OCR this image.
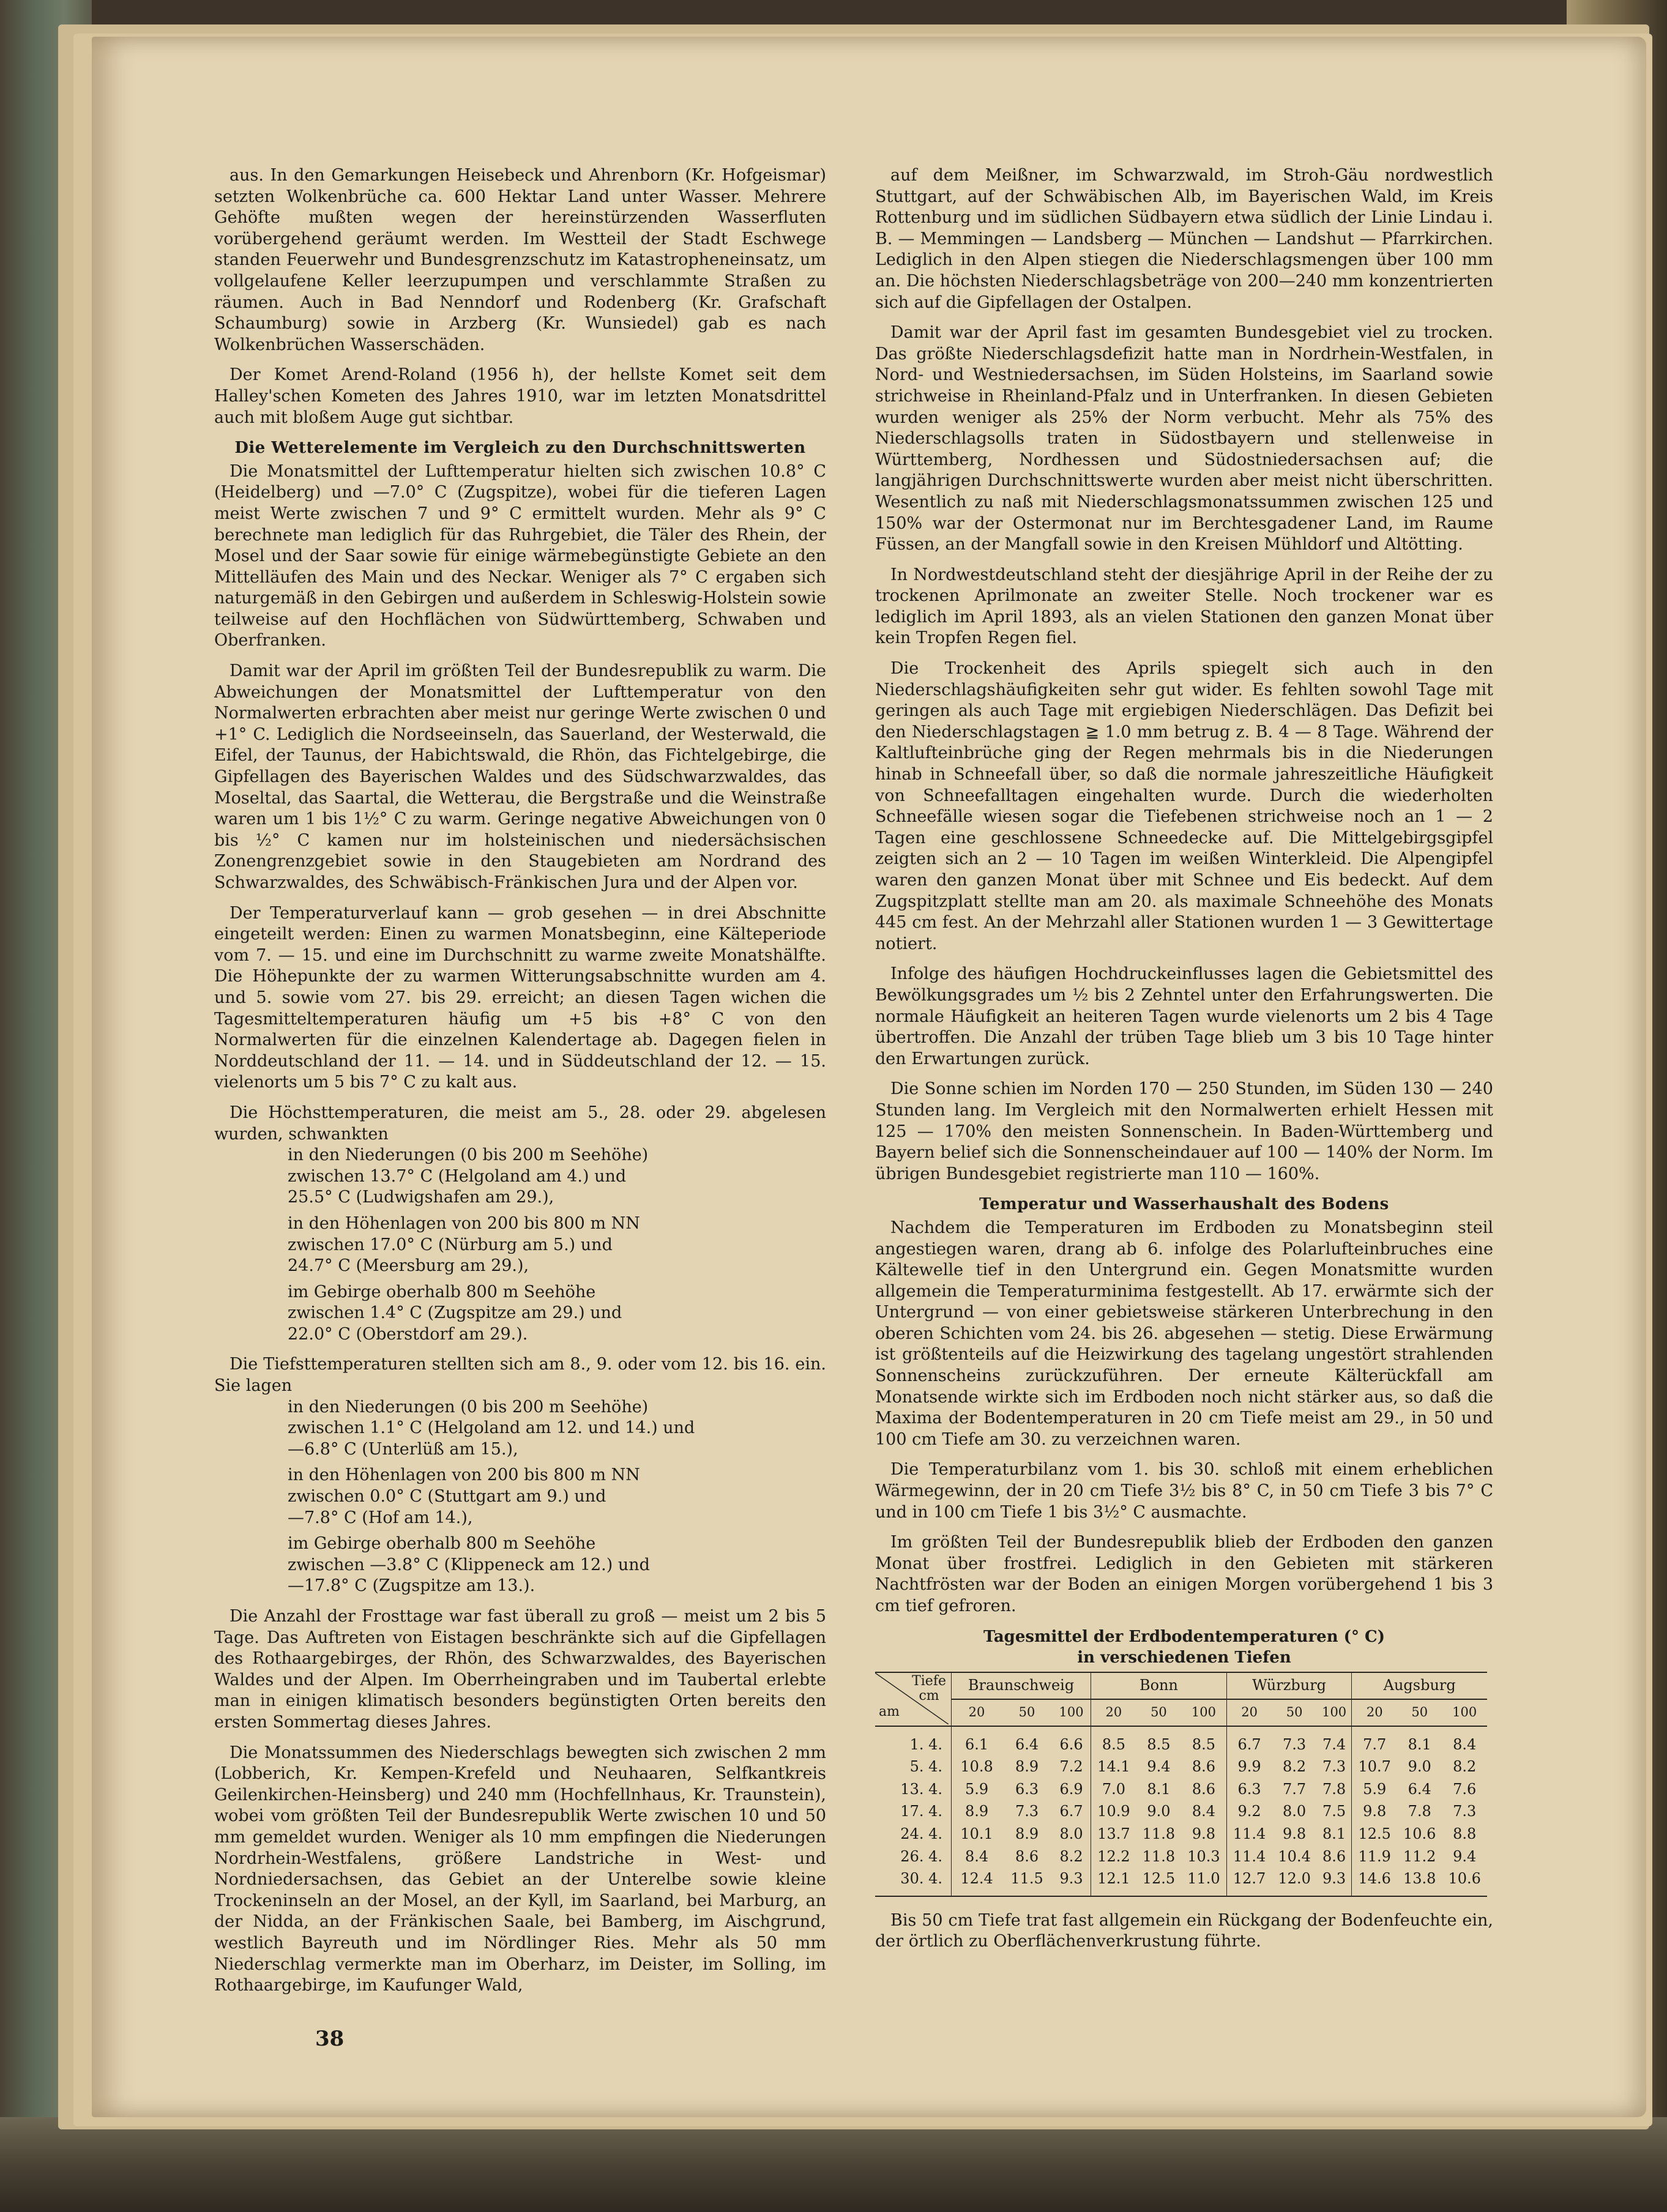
aus. In den Gemarkungen Heisebeck und Ahrenborn (Kr. Hofgeismar) setzten Wolkenbrüche ca. 600 Hektar Land unter Wasser. Mehrere Gehöfte mußten wegen der hereinstürzenden Wasserfluten vorübergehend geräumt werden. Im Westteil der Stadt Eschwege standen Feuerwehr und Bundesgrenzschutz im Katastropheneinsatz, um vollgelaufene Keller leerzupumpen und verschlammte Straßen zu räumen. Auch in Bad Nenndorf und Rodenberg (Kr. Grafschaft Schaumburg) sowie in Arzberg (Kr. Wunsiedel) gab es nach Wolkenbrüchen Wasserschäden.

Der Komet Arend-Roland (1956 h), der hellste Komet seit dem Halley'schen Kometen des Jahres 1910, war im letzten Monatsdrittel auch mit bloßem Auge gut sichtbar.

Die Wetterelemente im Vergleich zu den Durchschnittswerten

Die Monatsmittel der Lufttemperatur hielten sich zwischen 10.8° C (Heidelberg) und —7.0° C (Zugspitze), wobei für die tieferen Lagen meist Werte zwischen 7 und 9° C ermittelt wurden. Mehr als 9° C berechnete man lediglich für das Ruhrgebiet, die Täler des Rhein, der Mosel und der Saar sowie für einige wärmebegünstigte Gebiete an den Mittelläufen des Main und des Neckar. Weniger als 7° C ergaben sich naturgemäß in den Gebirgen und außerdem in Schleswig-Holstein sowie teilweise auf den Hochflächen von Südwürttemberg, Schwaben und Oberfranken.

Damit war der April im größten Teil der Bundesrepublik zu warm. Die Abweichungen der Monatsmittel der Lufttemperatur von den Normalwerten erbrachten aber meist nur geringe Werte zwischen 0 und +1° C. Lediglich die Nordseeinseln, das Sauerland, der Westerwald, die Eifel, der Taunus, der Habichtswald, die Rhön, das Fichtelgebirge, die Gipfellagen des Bayerischen Waldes und des Südschwarzwaldes, das Moseltal, das Saartal, die Wetterau, die Bergstraße und die Weinstraße waren um 1 bis 1½° C zu warm. Geringe negative Abweichungen von 0 bis ½° C kamen nur im holsteinischen und niedersächsischen Zonengrenzgebiet sowie in den Staugebieten am Nordrand des Schwarzwaldes, des Schwäbisch-Fränkischen Jura und der Alpen vor.

Der Temperaturverlauf kann — grob gesehen — in drei Abschnitte eingeteilt werden: Einen zu warmen Monatsbeginn, eine Kälteperiode vom 7. — 15. und eine im Durchschnitt zu warme zweite Monatshälfte. Die Höhepunkte der zu warmen Witterungsabschnitte wurden am 4. und 5. sowie vom 27. bis 29. erreicht; an diesen Tagen wichen die Tagesmitteltemperaturen häufig um +5 bis +8° C von den Normalwerten für die einzelnen Kalendertage ab. Dagegen fielen in Norddeutschland der 11. — 14. und in Süddeutschland der 12. — 15. vielenorts um 5 bis 7° C zu kalt aus.

Die Höchsttemperaturen, die meist am 5., 28. oder 29. abgelesen wurden, schwankten

in den Niederungen (0 bis 200 m Seehöhe)

zwischen 13.7° C (Helgoland am 4.) und

25.5° C (Ludwigshafen am 29.),

in den Höhenlagen von 200 bis 800 m NN

zwischen 17.0° C (Nürburg am 5.) und

24.7° C (Meersburg am 29.),

im Gebirge oberhalb 800 m Seehöhe

zwischen 1.4° C (Zugspitze am 29.) und

22.0° C (Oberstdorf am 29.).

Die Tiefsttemperaturen stellten sich am 8., 9. oder vom 12. bis 16. ein. Sie lagen

in den Niederungen (0 bis 200 m Seehöhe)

zwischen 1.1° C (Helgoland am 12. und 14.) und

—6.8° C (Unterlüß am 15.),

in den Höhenlagen von 200 bis 800 m NN

zwischen 0.0° C (Stuttgart am 9.) und

—7.8° C (Hof am 14.),

im Gebirge oberhalb 800 m Seehöhe

zwischen —3.8° C (Klippeneck am 12.) und

—17.8° C (Zugspitze am 13.).

Die Anzahl der Frosttage war fast überall zu groß — meist um 2 bis 5 Tage. Das Auftreten von Eistagen beschränkte sich auf die Gipfellagen des Rothaargebirges, der Rhön, des Schwarzwaldes, des Bayerischen Waldes und der Alpen. Im Oberrheingraben und im Taubertal erlebte man in einigen klimatisch besonders begünstigten Orten bereits den ersten Sommertag dieses Jahres.

Die Monatssummen des Niederschlags bewegten sich zwischen 2 mm (Lobberich, Kr. Kempen-Krefeld und Neuhaaren, Selfkantkreis Geilenkirchen-Heinsberg) und 240 mm (Hochfellnhaus, Kr. Traunstein), wobei vom größten Teil der Bundesrepublik Werte zwischen 10 und 50 mm gemeldet wurden. Weniger als 10 mm empfingen die Niederungen Nordrhein-Westfalens, größere Landstriche in West- und Nordniedersachsen, das Gebiet an der Unterelbe sowie kleine Trockeninseln an der Mosel, an der Kyll, im Saarland, bei Marburg, an der Nidda, an der Fränkischen Saale, bei Bamberg, im Aischgrund, westlich Bayreuth und im Nördlinger Ries. Mehr als 50 mm Niederschlag vermerkte man im Oberharz, im Deister, im Solling, im Rothaargebirge, im Kaufunger Wald,

auf dem Meißner, im Schwarzwald, im Stroh-Gäu nordwestlich Stuttgart, auf der Schwäbischen Alb, im Bayerischen Wald, im Kreis Rottenburg und im südlichen Südbayern etwa südlich der Linie Lindau i. B. — Memmingen — Landsberg — München — Landshut — Pfarrkirchen. Lediglich in den Alpen stiegen die Niederschlagsmengen über 100 mm an. Die höchsten Niederschlagsbeträge von 200—240 mm konzentrierten sich auf die Gipfellagen der Ostalpen.

Damit war der April fast im gesamten Bundesgebiet viel zu trocken. Das größte Niederschlagsdefizit hatte man in Nordrhein-Westfalen, in Nord- und Westniedersachsen, im Süden Holsteins, im Saarland sowie strichweise in Rheinland-Pfalz und in Unterfranken. In diesen Gebieten wurden weniger als 25% der Norm verbucht. Mehr als 75% des Niederschlagsolls traten in Südostbayern und stellenweise in Württemberg, Nordhessen und Südostniedersachsen auf; die langjährigen Durchschnittswerte wurden aber meist nicht überschritten. Wesentlich zu naß mit Niederschlagsmonatssummen zwischen 125 und 150% war der Ostermonat nur im Berchtesgadener Land, im Raume Füssen, an der Mangfall sowie in den Kreisen Mühldorf und Altötting.

In Nordwestdeutschland steht der diesjährige April in der Reihe der zu trockenen Aprilmonate an zweiter Stelle. Noch trockener war es lediglich im April 1893, als an vielen Stationen den ganzen Monat über kein Tropfen Regen fiel.

Die Trockenheit des Aprils spiegelt sich auch in den Niederschlagshäufigkeiten sehr gut wider. Es fehlten sowohl Tage mit geringen als auch Tage mit ergiebigen Niederschlägen. Das Defizit bei den Niederschlagstagen ≧ 1.0 mm betrug z. B. 4 — 8 Tage. Während der Kaltlufteinbrüche ging der Regen mehrmals bis in die Niederungen hinab in Schneefall über, so daß die normale jahreszeitliche Häufigkeit von Schneefalltagen eingehalten wurde. Durch die wiederholten Schneefälle wiesen sogar die Tiefebenen strichweise noch an 1 — 2 Tagen eine geschlossene Schneedecke auf. Die Mittelgebirgsgipfel zeigten sich an 2 — 10 Tagen im weißen Winterkleid. Die Alpengipfel waren den ganzen Monat über mit Schnee und Eis bedeckt. Auf dem Zugspitzplatt stellte man am 20. als maximale Schneehöhe des Monats 445 cm fest. An der Mehrzahl aller Stationen wurden 1 — 3 Gewittertage notiert.

Infolge des häufigen Hochdruckeinflusses lagen die Gebietsmittel des Bewölkungsgrades um ½ bis 2 Zehntel unter den Erfahrungswerten. Die normale Häufigkeit an heiteren Tagen wurde vielenorts um 2 bis 4 Tage übertroffen. Die Anzahl der trüben Tage blieb um 3 bis 10 Tage hinter den Erwartungen zurück.

Die Sonne schien im Norden 170 — 250 Stunden, im Süden 130 — 240 Stunden lang. Im Vergleich mit den Normalwerten erhielt Hessen mit 125 — 170% den meisten Sonnenschein. In Baden-Württemberg und Bayern belief sich die Sonnenscheindauer auf 100 — 140% der Norm. Im übrigen Bundesgebiet registrierte man 110 — 160%.

Temperatur und Wasserhaushalt des Bodens

Nachdem die Temperaturen im Erdboden zu Monatsbeginn steil angestiegen waren, drang ab 6. infolge des Polarlufteinbruches eine Kältewelle tief in den Untergrund ein. Gegen Monatsmitte wurden allgemein die Temperaturminima festgestellt. Ab 17. erwärmte sich der Untergrund — von einer gebietsweise stärkeren Unterbrechung in den oberen Schichten vom 24. bis 26. abgesehen — stetig. Diese Erwärmung ist größtenteils auf die Heizwirkung des tagelang ungestört strahlenden Sonnenscheins zurückzuführen. Der erneute Kälterückfall am Monatsende wirkte sich im Erdboden noch nicht stärker aus, so daß die Maxima der Bodentemperaturen in 20 cm Tiefe meist am 29., in 50 und 100 cm Tiefe am 30. zu verzeichnen waren.

Die Temperaturbilanz vom 1. bis 30. schloß mit einem erheblichen Wärmegewinn, der in 20 cm Tiefe 3½ bis 8° C, in 50 cm Tiefe 3 bis 7° C und in 100 cm Tiefe 1 bis 3½° C ausmachte.

Im größten Teil der Bundesrepublik blieb der Erdboden den ganzen Monat über frostfrei. Lediglich in den Gebieten mit stärkeren Nachtfrösten war der Boden an einigen Morgen vorübergehend 1 bis 3 cm tief gefroren.

Tagesmittel der Erdbodentemperaturen (° C)
in verschiedenen Tiefen
Tiefe
cm
am	Braunschweig			Bonn			Würzburg			Augsburg		
	20	50	100	20	50	100	20	50	100	20	50	100
1. 4.	6.1	6.4	6.6	8.5	8.5	8.5	6.7	7.3	7.4	7.7	8.1	8.4
5. 4.	10.8	8.9	7.2	14.1	9.4	8.6	9.9	8.2	7.3	10.7	9.0	8.2
13. 4.	5.9	6.3	6.9	7.0	8.1	8.6	6.3	7.7	7.8	5.9	6.4	7.6
17. 4.	8.9	7.3	6.7	10.9	9.0	8.4	9.2	8.0	7.5	9.8	7.8	7.3
24. 4.	10.1	8.9	8.0	13.7	11.8	9.8	11.4	9.8	8.1	12.5	10.6	8.8
26. 4.	8.4	8.6	8.2	12.2	11.8	10.3	11.4	10.4	8.6	11.9	11.2	9.4
30. 4.	12.4	11.5	9.3	12.1	12.5	11.0	12.7	12.0	9.3	14.6	13.8	10.6

Bis 50 cm Tiefe trat fast allgemein ein Rückgang der Bodenfeuchte ein, der örtlich zu Oberflächenverkrustung führte.

38
